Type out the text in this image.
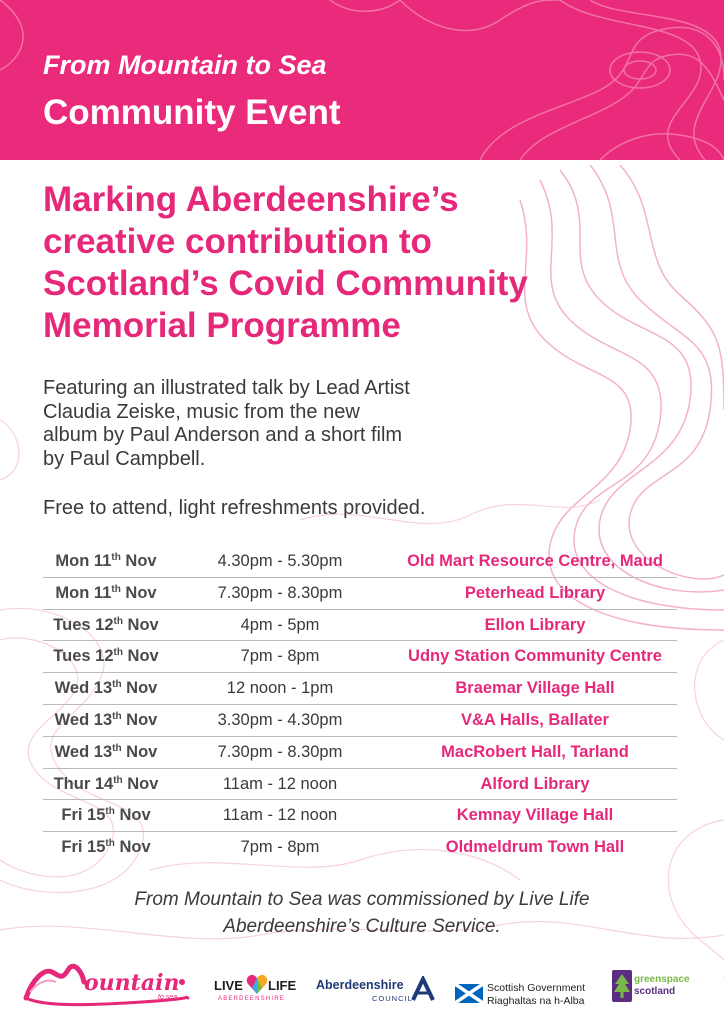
From Mountain to Sea
Community Event
Marking Aberdeenshire’s
creative contribution to
Scotland’s Covid Community
Memorial Programme
Featuring an illustrated talk by Lead Artist
Claudia Zeiske, music from the new
album by Paul Anderson and a short film
by Paul Campbell.
Free to attend, light refreshments provided.
Mon 11th Nov	4.30pm - 5.30pm	Old Mart Resource Centre, Maud
Mon 11th Nov	7.30pm - 8.30pm	Peterhead Library
Tues 12th Nov	4pm - 5pm	Ellon Library
Tues 12th Nov	7pm - 8pm	Udny Station Community Centre
Wed 13th Nov	12 noon - 1pm	Braemar Village Hall
Wed 13th Nov	3.30pm - 4.30pm	V&A Halls, Ballater
Wed 13th Nov	7.30pm - 8.30pm	MacRobert Hall, Tarland
Thur 14th Nov	11am - 12 noon	Alford Library
Fri 15th Nov	11am - 12 noon	Kemnay Village Hall
Fri 15th Nov	7pm - 8pm	Oldmeldrum Town Hall
From Mountain to Sea was commissioned by Live Life
Aberdeenshire’s Culture Service.
ountain
to sea
LIVE LIFE
ABERDEENSHIRE
Aberdeenshire
COUNCIL
Scottish Government
Riaghaltas na h-Alba
greenspace
scotland
